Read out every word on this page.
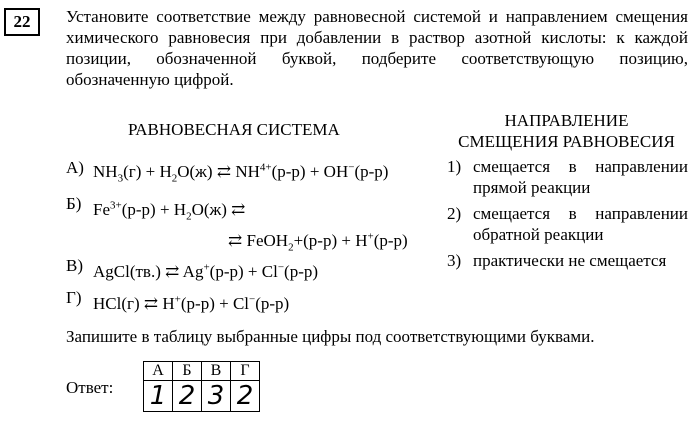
22	Установите соответствие между равновесной системой и направлением смещения химического равновесия при добавлении в раствор азотной кислоты: к каждой позиции, обозначенной буквой, подберите соответствующую позицию, обозначенную цифрой.
РАВНОВЕСНАЯ СИСТЕМА	НАПРАВЛЕНИЕ
СМЕЩЕНИЯ РАВНОВЕСИЯ
А) $NH_3(г) + H_2O(ж)$ ⇄ $NH^{4+}(р-р) + OH^-(р-р)$
Б) $Fe^{3+}(р-р) + H_2O(ж)$ ⇄
⇄ FeOH$_2$+(р-р) + H+(р-р)
В) AgCl(тв.) ⇄ Ag+(р-р) + Cl−(р-р)
Г) HCl(г) ⇄ H+(р-р) + Cl−(р-р)
1) смещается в направлении прямой реакции
2) смещается в направлении обратной реакции
3) практически не смещается
Запишите в таблицу выбранные цифры под соответствующими буквами.
Ответ:
А	Б	В	Г
1	2	3	2
